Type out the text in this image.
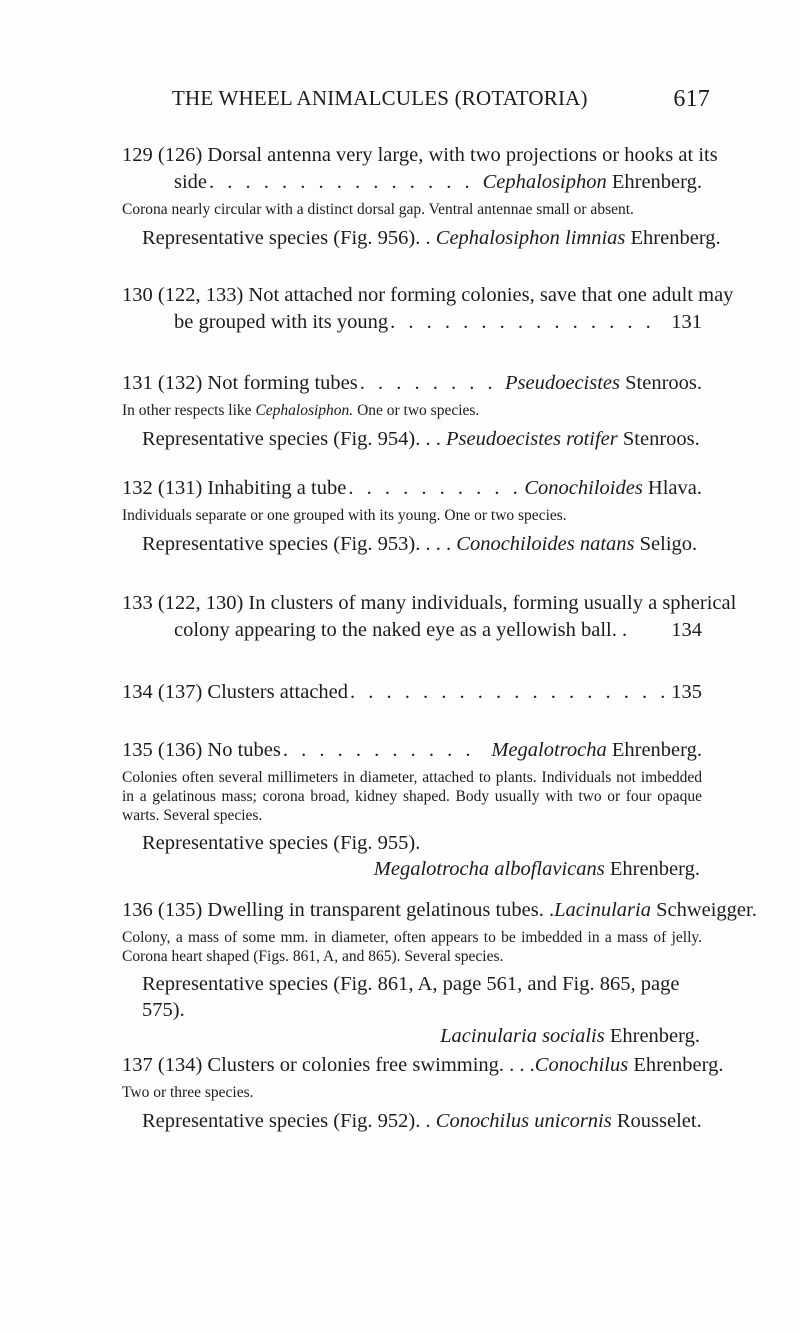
THE WHEEL ANIMALCULES (ROTATORIA)	617
129 (126) Dorsal antenna very large, with two projections or hooks at its
side . . .	Cephalosiphon Ehrenberg.
Corona nearly circular with a distinct dorsal gap. Ventral antennae small or absent.
Representative species (Fig. 956). . Cephalosiphon limnias Ehrenberg.
130 (122, 133) Not attached nor forming colonies, save that one adult may
be grouped with its young . . .	131
131 (132) Not forming tubes . . .	Pseudoecistes Stenroos.
In other respects like Cephalosiphon. One or two species.
Representative species (Fig. 954). . . Pseudoecistes rotifer Stenroos.
132 (131) Inhabiting a tube . . .	Conochiloides Hlava.
Individuals separate or one grouped with its young. One or two species.
Representative species (Fig. 953). . . . Conochiloides natans Seligo.
133 (122, 130) In clusters of many individuals, forming usually a spherical
colony appearing to the naked eye as a yellowish ball. . 134
134 (137) Clusters attached . . .	135
135 (136) No tubes . . .	Megalotrocha Ehrenberg.
Colonies often several millimeters in diameter, attached to plants. Individuals not imbedded in a gelatinous mass; corona broad, kidney shaped. Body usually with two or four opaque warts. Several species.
Representative species (Fig. 955).
Megalotrocha alboflavicans Ehrenberg.
136 (135) Dwelling in transparent gelatinous tubes. . Lacinularia Schweigger.
Colony, a mass of some mm. in diameter, often appears to be imbedded in a mass of jelly. Corona heart shaped (Figs. 861, A, and 865). Several species.
Representative species (Fig. 861, A, page 561, and Fig. 865, page 575).
Lacinularia socialis Ehrenberg.
137 (134) Clusters or colonies free swimming. . . . Conochilus Ehrenberg.
Two or three species.
Representative species (Fig. 952). . Conochilus unicornis Rousselet.
